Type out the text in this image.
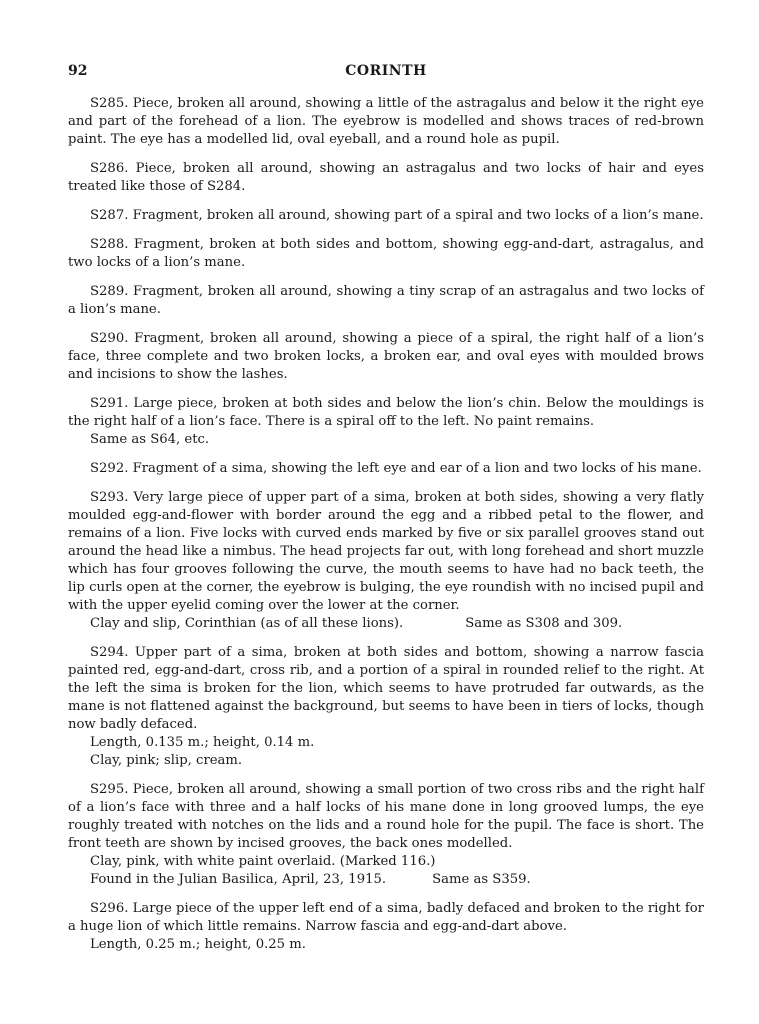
92	CORINTH

S285. Piece, broken all around, showing a little of the astragalus and below it the right eye and part of the forehead of a lion. The eyebrow is modelled and shows traces of red-brown paint. The eye has a modelled lid, oval eyeball, and a round hole as pupil.

S286. Piece, broken all around, showing an astragalus and two locks of hair and eyes treated like those of S284.

S287. Fragment, broken all around, showing part of a spiral and two locks of a lion’s mane.

S288. Fragment, broken at both sides and bottom, showing egg-and-dart, astragalus, and two locks of a lion’s mane.

S289. Fragment, broken all around, showing a tiny scrap of an astragalus and two locks of a lion’s mane.

S290. Fragment, broken all around, showing a piece of a spiral, the right half of a lion’s face, three complete and two broken locks, a broken ear, and oval eyes with moulded brows and incisions to show the lashes.

S291. Large piece, broken at both sides and below the lion’s chin. Below the mouldings is the right half of a lion’s face. There is a spiral off to the left. No paint remains.

Same as S64, etc.

S292. Fragment of a sima, showing the left eye and ear of a lion and two locks of his mane.

S293. Very large piece of upper part of a sima, broken at both sides, showing a very flatly moulded egg-and-flower with border around the egg and a ribbed petal to the flower, and remains of a lion. Five locks with curved ends marked by five or six parallel grooves stand out around the head like a nimbus. The head projects far out, with long forehead and short muzzle which has four grooves following the curve, the mouth seems to have had no back teeth, the lip curls open at the corner, the eyebrow is bulging, the eye roundish with no incised pupil and with the upper eyelid coming over the lower at the corner.

Clay and slip, Corinthian (as of all these lions).	Same as S308 and 309.

S294. Upper part of a sima, broken at both sides and bottom, showing a narrow fascia painted red, egg-and-dart, cross rib, and a portion of a spiral in rounded relief to the right. At the left the sima is broken for the lion, which seems to have protruded far outwards, as the mane is not flattened against the background, but seems to have been in tiers of locks, though now badly defaced.

Length, 0.135 m.; height, 0.14 m.
Clay, pink; slip, cream.

S295. Piece, broken all around, showing a small portion of two cross ribs and the right half of a lion’s face with three and a half locks of his mane done in long grooved lumps, the eye roughly treated with notches on the lids and a round hole for the pupil. The face is short. The front teeth are shown by incised grooves, the back ones modelled.

Clay, pink, with white paint overlaid. (Marked 116.)
Found in the Julian Basilica, April, 23, 1915.	Same as S359.

S296. Large piece of the upper left end of a sima, badly defaced and broken to the right for a huge lion of which little remains. Narrow fascia and egg-and-dart above.

Length, 0.25 m.; height, 0.25 m.
